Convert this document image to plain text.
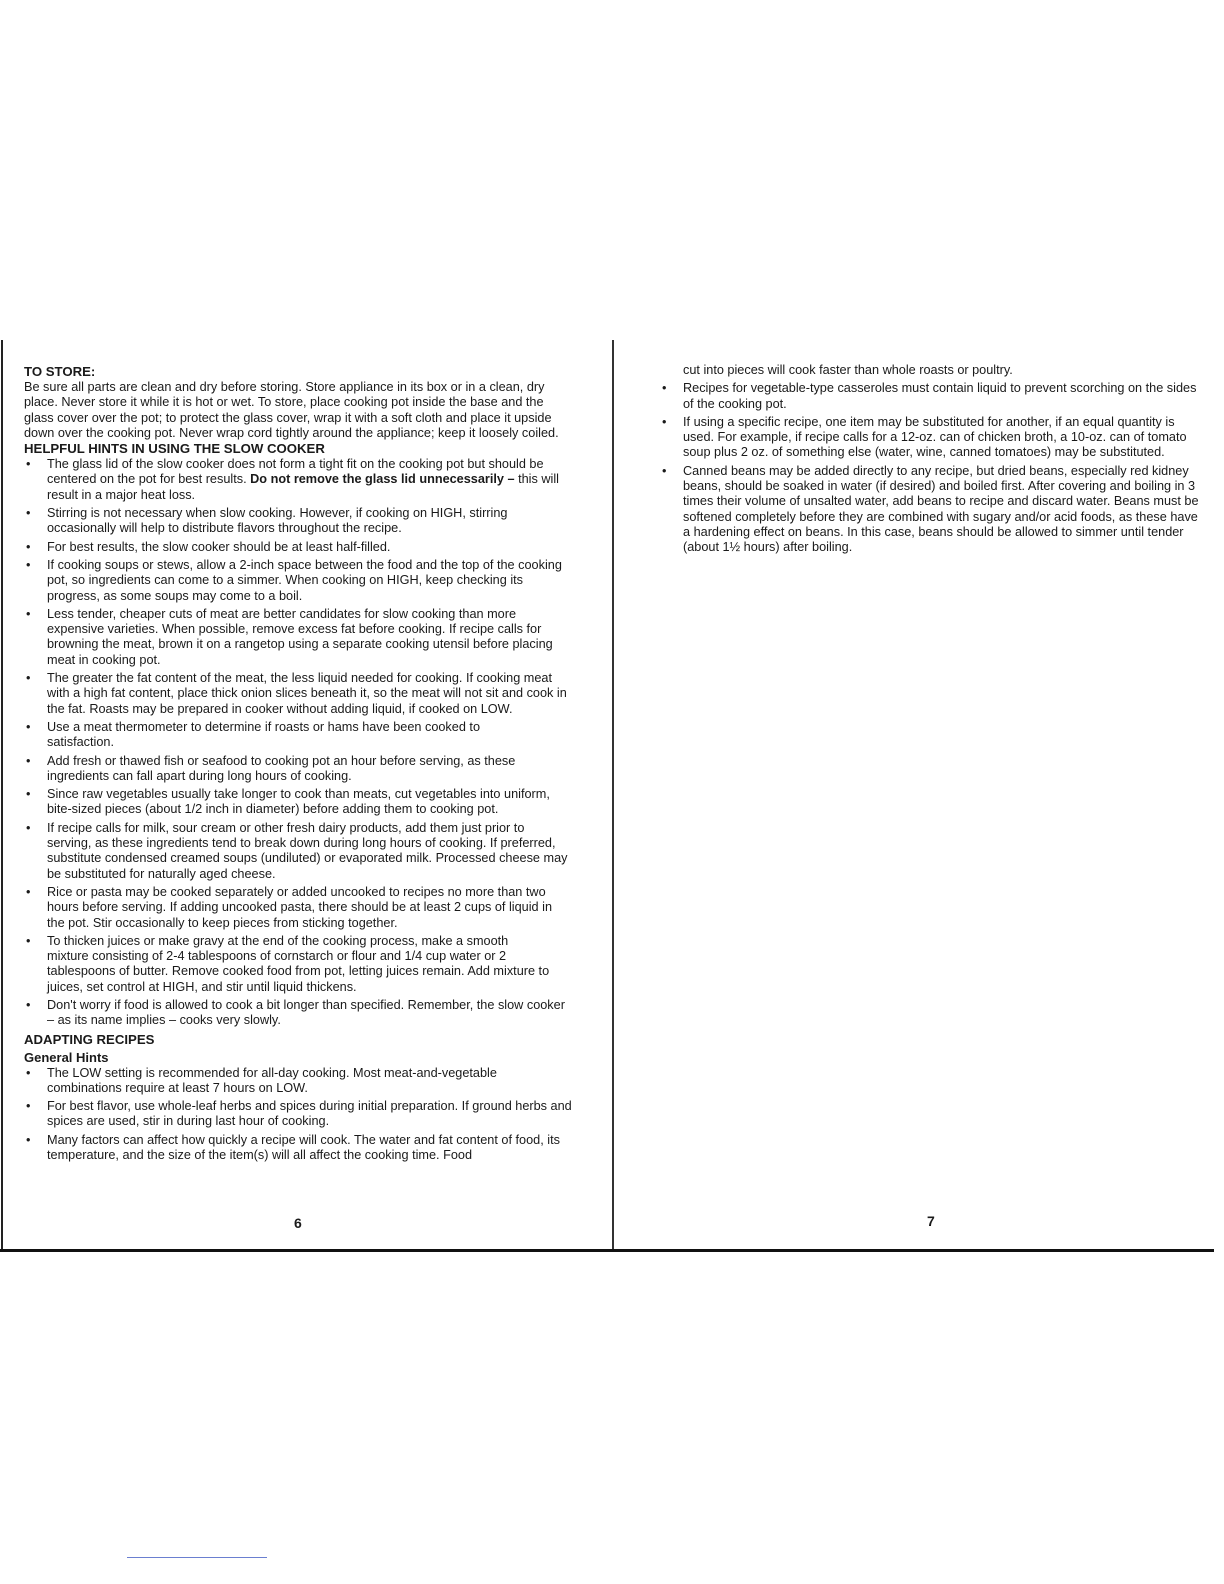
TO STORE:

Be sure all parts are clean and dry before storing. Store appliance in its box or in a clean, dry place. Never store it while it is hot or wet. To store, place cooking pot inside the base and the glass cover over the pot; to protect the glass cover, wrap it with a soft cloth and place it upside down over the cooking pot. Never wrap cord tightly around the appliance; keep it loosely coiled.

HELPFUL HINTS IN USING THE SLOW COOKER

• The glass lid of the slow cooker does not form a tight fit on the cooking pot but should be centered on the pot for best results. Do not remove the glass lid unnecessarily – this will result in a major heat loss.
• Stirring is not necessary when slow cooking. However, if cooking on HIGH, stirring occasionally will help to distribute flavors throughout the recipe.
• For best results, the slow cooker should be at least half-filled.
• If cooking soups or stews, allow a 2-inch space between the food and the top of the cooking pot, so ingredients can come to a simmer. When cooking on HIGH, keep checking its progress, as some soups may come to a boil.
• Less tender, cheaper cuts of meat are better candidates for slow cooking than more expensive varieties. When possible, remove excess fat before cooking. If recipe calls for browning the meat, brown it on a rangetop using a separate cooking utensil before placing meat in cooking pot.
• The greater the fat content of the meat, the less liquid needed for cooking. If cooking meat with a high fat content, place thick onion slices beneath it, so the meat will not sit and cook in the fat. Roasts may be prepared in cooker without adding liquid, if cooked on LOW.
• Use a meat thermometer to determine if roasts or hams have been cooked to satisfaction.
• Add fresh or thawed fish or seafood to cooking pot an hour before serving, as these ingredients can fall apart during long hours of cooking.
• Since raw vegetables usually take longer to cook than meats, cut vegetables into uniform, bite-sized pieces (about 1/2 inch in diameter) before adding them to cooking pot.
• If recipe calls for milk, sour cream or other fresh dairy products, add them just prior to serving, as these ingredients tend to break down during long hours of cooking. If preferred, substitute condensed creamed soups (undiluted) or evaporated milk. Processed cheese may be substituted for naturally aged cheese.
• Rice or pasta may be cooked separately or added uncooked to recipes no more than two hours before serving. If adding uncooked pasta, there should be at least 2 cups of liquid in the pot. Stir occasionally to keep pieces from sticking together.
• To thicken juices or make gravy at the end of the cooking process, make a smooth mixture consisting of 2-4 tablespoons of cornstarch or flour and 1/4 cup water or 2 tablespoons of butter. Remove cooked food from pot, letting juices remain. Add mixture to juices, set control at HIGH, and stir until liquid thickens.
• Don't worry if food is allowed to cook a bit longer than specified. Remember, the slow cooker – as its name implies – cooks very slowly.

ADAPTING RECIPES

General Hints

• The LOW setting is recommended for all-day cooking. Most meat-and-vegetable combinations require at least 7 hours on LOW.
• For best flavor, use whole-leaf herbs and spices during initial preparation. If ground herbs and spices are used, stir in during last hour of cooking.
• Many factors can affect how quickly a recipe will cook. The water and fat content of food, its temperature, and the size of the item(s) will all affect the cooking time. Food
6

cut into pieces will cook faster than whole roasts or poultry.

• Recipes for vegetable-type casseroles must contain liquid to prevent scorching on the sides of the cooking pot.
• If using a specific recipe, one item may be substituted for another, if an equal quantity is used. For example, if recipe calls for a 12-oz. can of chicken broth, a 10-oz. can of tomato soup plus 2 oz. of something else (water, wine, canned tomatoes) may be substituted.
• Canned beans may be added directly to any recipe, but dried beans, especially red kidney beans, should be soaked in water (if desired) and boiled first. After covering and boiling in 3 times their volume of unsalted water, add beans to recipe and discard water. Beans must be softened completely before they are combined with sugary and/or acid foods, as these have a hardening effect on beans. In this case, beans should be allowed to simmer until tender (about 1½ hours) after boiling.
7
